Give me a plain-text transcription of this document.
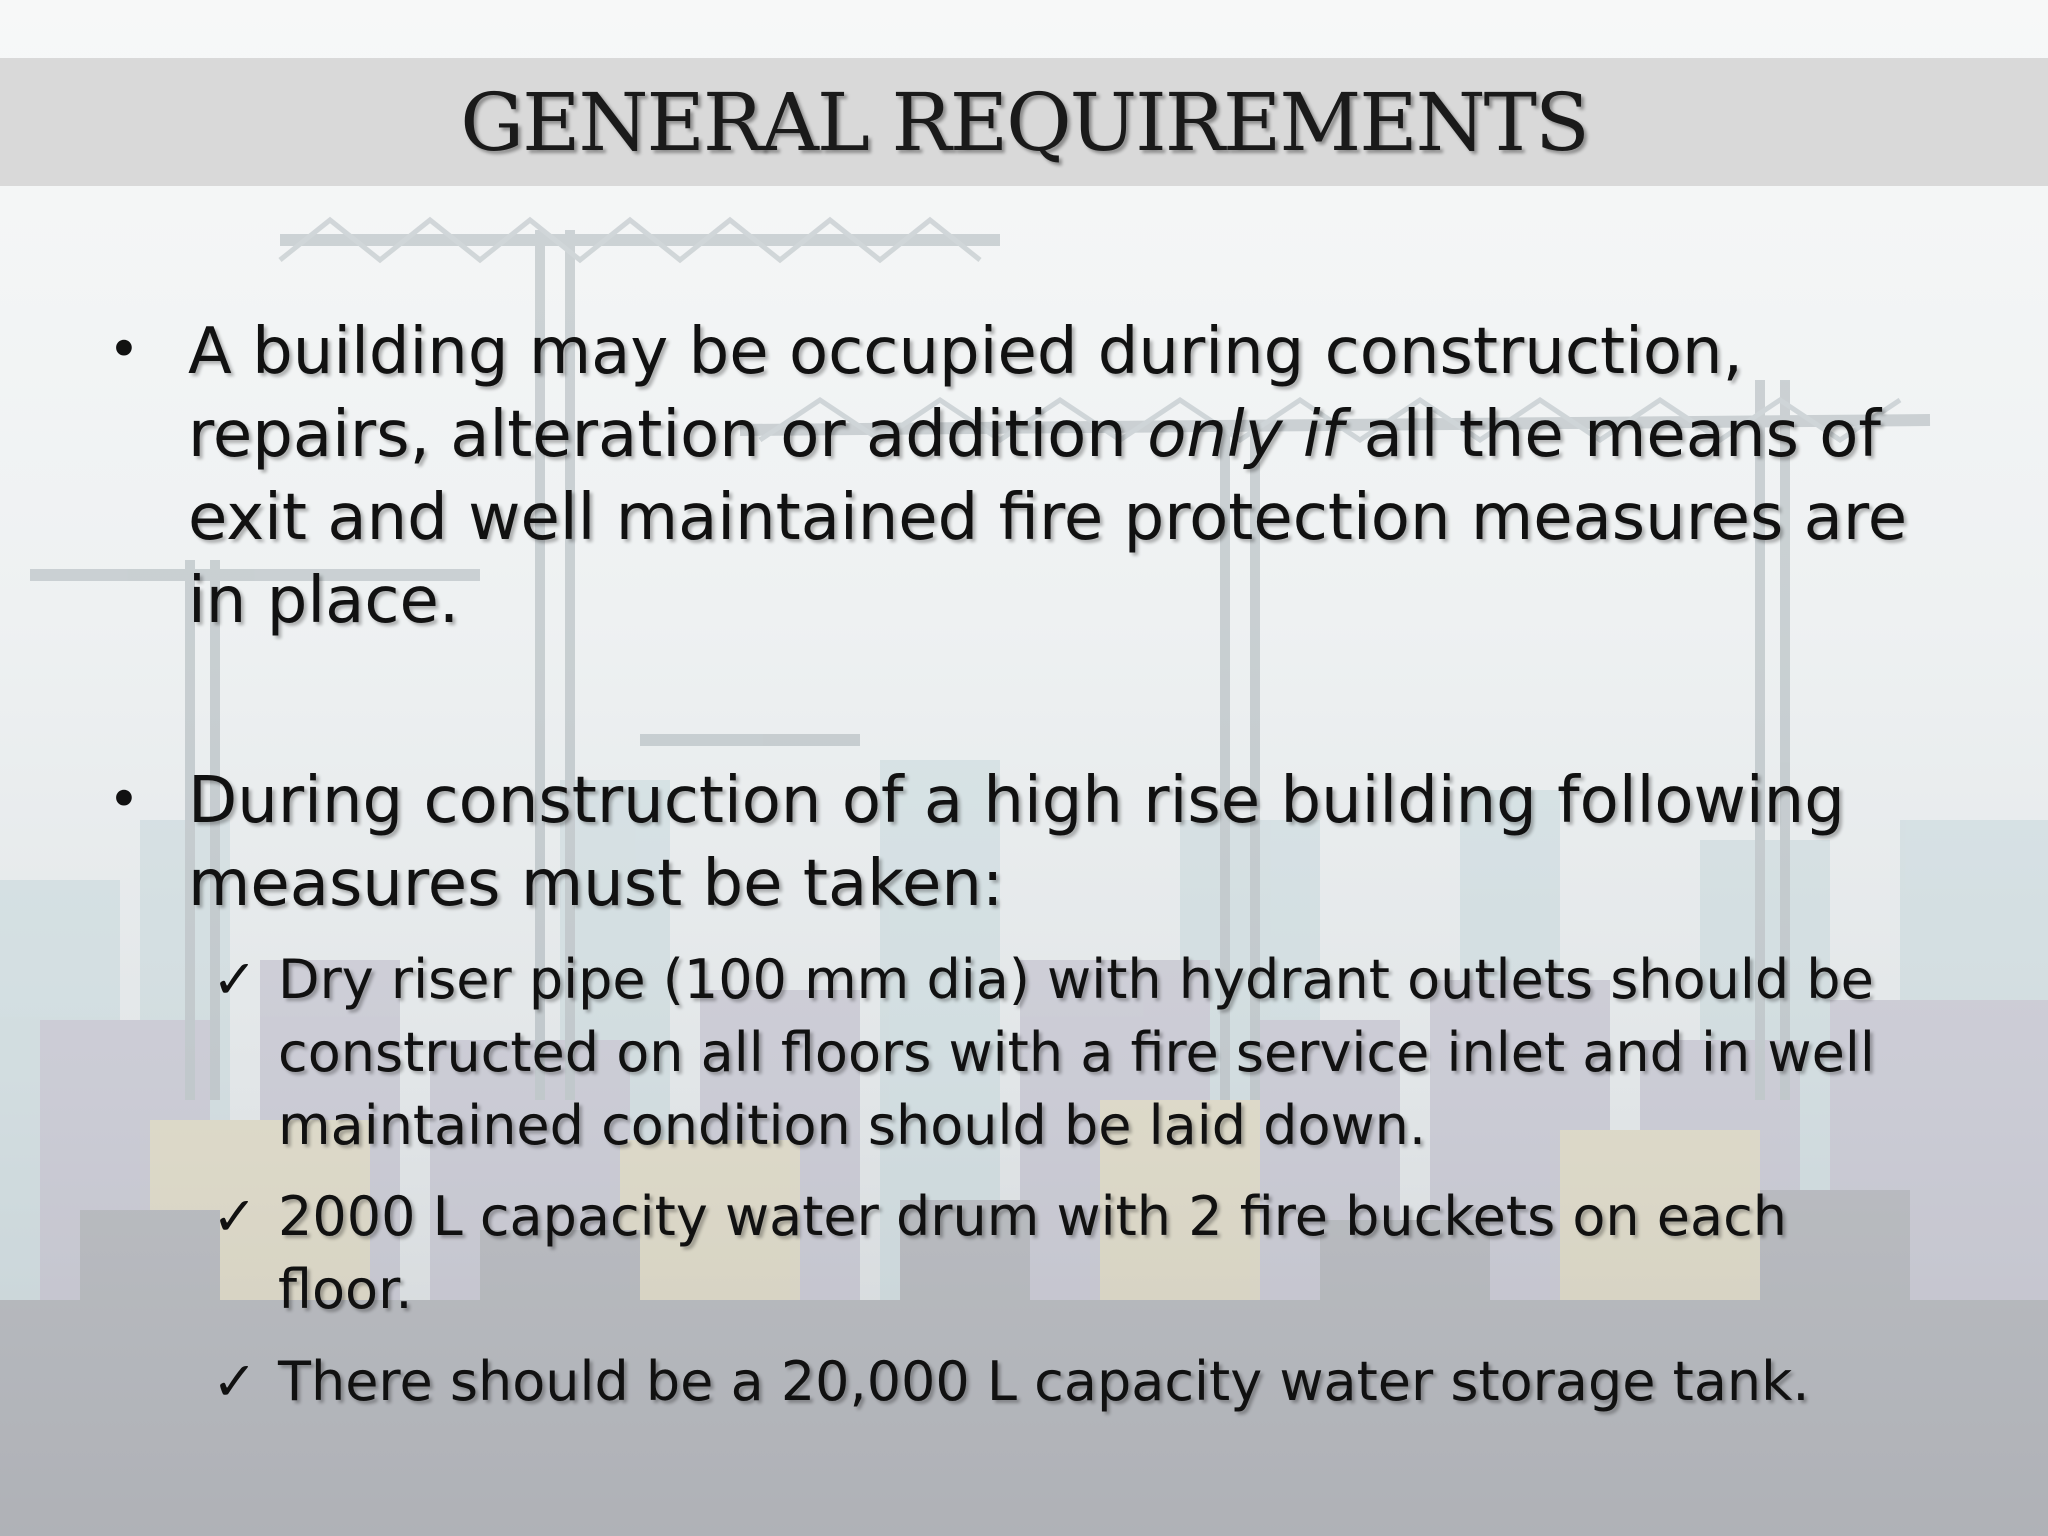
GENERAL REQUIREMENTS
• A building may be occupied during construction, repairs, alteration or addition only if all the means of exit and well maintained fire protection measures are in place.

• During construction of a high rise building following measures must be taken:

✓ Dry riser pipe (100 mm dia) with hydrant outlets should be constructed on all floors with a fire service inlet and in well maintained condition should be laid down.

✓ 2000 L capacity water drum with 2 fire buckets on each floor.

✓ There should be a 20,000 L capacity water storage tank.
